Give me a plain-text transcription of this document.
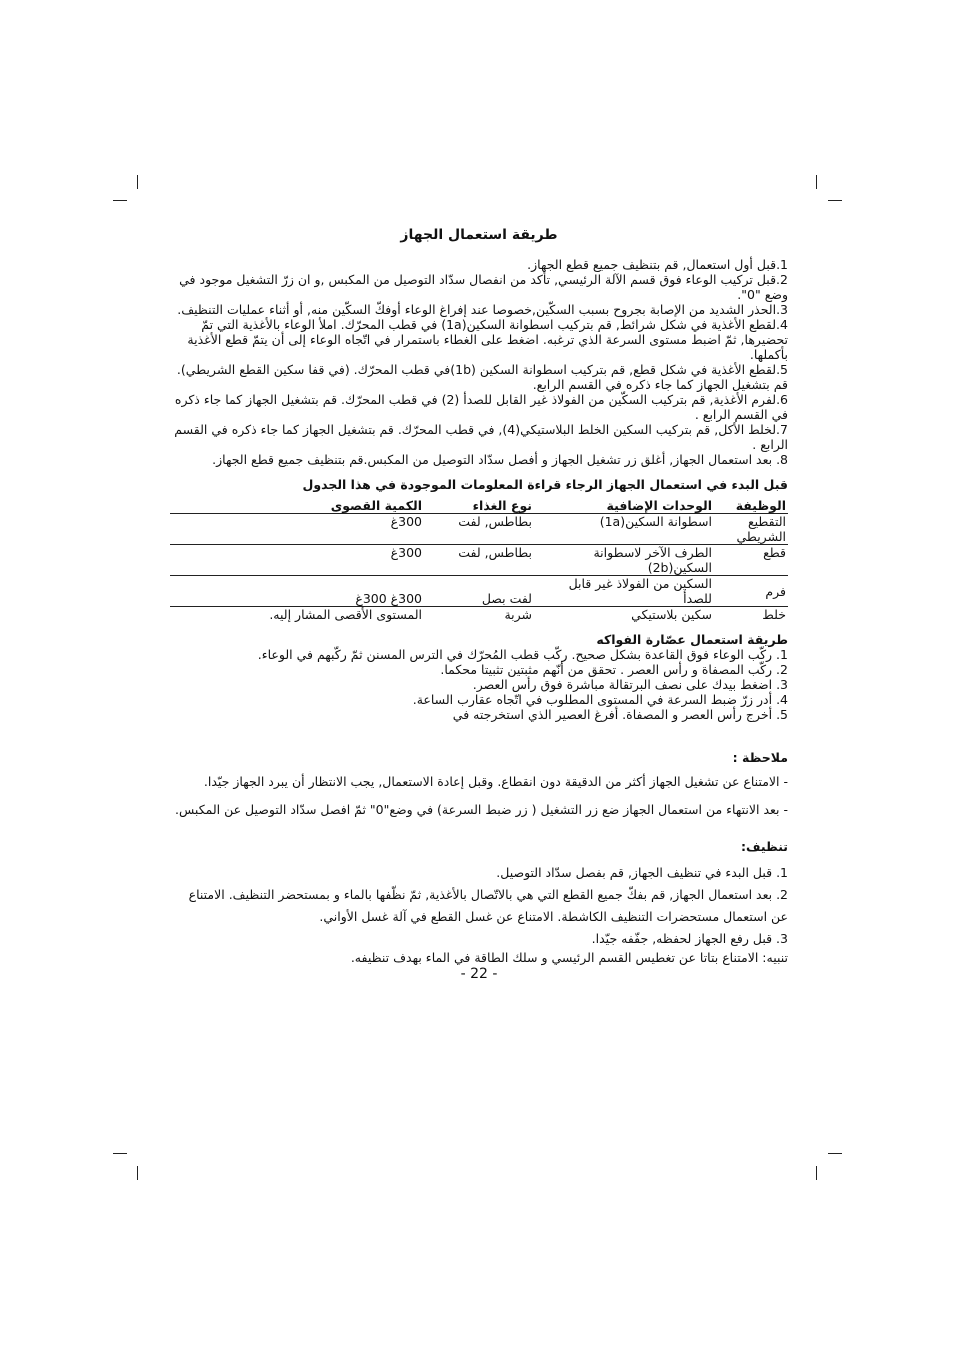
طريقة استعمال الجهاز
1.قبل أول استعمال, قم بتنظيف جميع قطع الجهاز.
2.قبل تركيب الوعاء فوق قسم الآلة الرئيسي, تأكد من انفصال سدّاد التوصيل من المكبس ,و ان زرّ التشغيل موجود في وضع "0".
3.الحذر الشديد من الإصابة بجروح بسبب السكّين,خصوصا عند إفراغ الوعاء أوفكّ السكّين منه, أو أثناء عمليات التنظيف.
4.لقطع الأغذية في شكل شرائط, قم بتركيب اسطوانة السكين(1a) في قطب المحرّك. املأ الوعاء بالأغذية التي تمّ تحضيرها, ثمّ اضبط مستوى السرعة الذي ترغبه. اضغط على الغطاء باستمرار في اتّجاه الوعاء إلى أن يتمّ قطع الأغذية بأكملها.
5.لقطع الأغذية في شكل قطع, قم بتركيب اسطوانة السكين (1b)في قطب المحرّك. (في قفا سكين القطع الشريطي). قم بتشغيل الجهاز كما جاء ذكره في القسم الرابع.
6.لفرم الأغذية, قم بتركيب السكّين من الفولاذ غير القابل للصدأ (2) في قطب المحرّك. قم بتشغيل الجهاز كما جاء ذكره في القسم الرابع .
7.لخلط الأكل, قم بتركيب السكين الخلط البلاستيكي(4), في قطب المحرّك. قم بتشغيل الجهاز كما جاء ذكره في القسم الرابع .
8. بعد استعمال الجهاز, أغلق زر تشغيل الجهاز و أفصل سدّاد التوصيل من المكبس.قم بتنظيف جميع قطع الجهاز.
قبل البدء في استعمال الجهاز الرجاء قراءة المعلومات الموجودة في هذا الجدول
الوظيفة	الوحدات الإضافية	نوع الغذاء	الكمية القصوى
التقطيع الشريطي	اسطوانة السكين(1a)	بطاطس, لفت	300غ
قطع	الطرف الآخر لاسطوانة السكين(2b)	بطاطس, لفت	300غ
فرم	السكين من الفولاذ غير قابل للصدأ	لفت بصل	300غ 300غ
خلط	سكين بلاستيكي	شربة	المستوى الأقصى المشار إليه.
طريقة استعمال عصّارة الفواكه
1. ركّب الوعاء فوق القاعدة بشكل صحيح. ركّب قطب المُحرّك في الترس المسنن ثمّ ركّبهم في الوعاء.
2. ركّب المصفاة و رأس العصر . تحقق من أنّهم مثبتين تثبيتا محكما.
3. اضغط بيدك على نصف البرتقالة مباشرة فوق رأس العصر.
4. أدر زرّ ضبط السرعة في المستوى المطلوب في اتّجاه عقارب الساعة.
5. أخرج رأس العصر و المصفاة. أفرغ العصير الذي استخرجته في
ملاحظة :
- الامتناع عن تشغيل الجهاز أكثر من الدقيقة دون انقطاع. وقبل إعادة الاستعمال, يجب الانتظار أن يبرد الجهاز جيّدا.
- بعد الانتهاء من استعمال الجهاز ضع زر التشغيل ( زر ضبط السرعة) في وضع"0" ثمّ افصل سدّاد التوصيل عن المكبس.
تنظيف:
1. قبل البدء في تنظيف الجهاز, قم بفصل سدّاد التوصيل.
2. بعد استعمال الجهاز, قم بفكّ جميع القطع التي هي بالاتّصال بالأغذية, ثمّ نظّفها بالماء و بمستحضر التنظيف. الامتناع عن استعمال مستحضرات التنظيف الكاشطة. الامتناع عن غسل القطع في آلة غسل الأواني.
3. قبل رفع الجهاز لحفظه, جفّفه جيّدا.
تنبيه: الامتناع بتاتا عن تغطيس القسم الرئيسي و سلك الطاقة في الماء بهدف تنظيفه.
- 22 -
